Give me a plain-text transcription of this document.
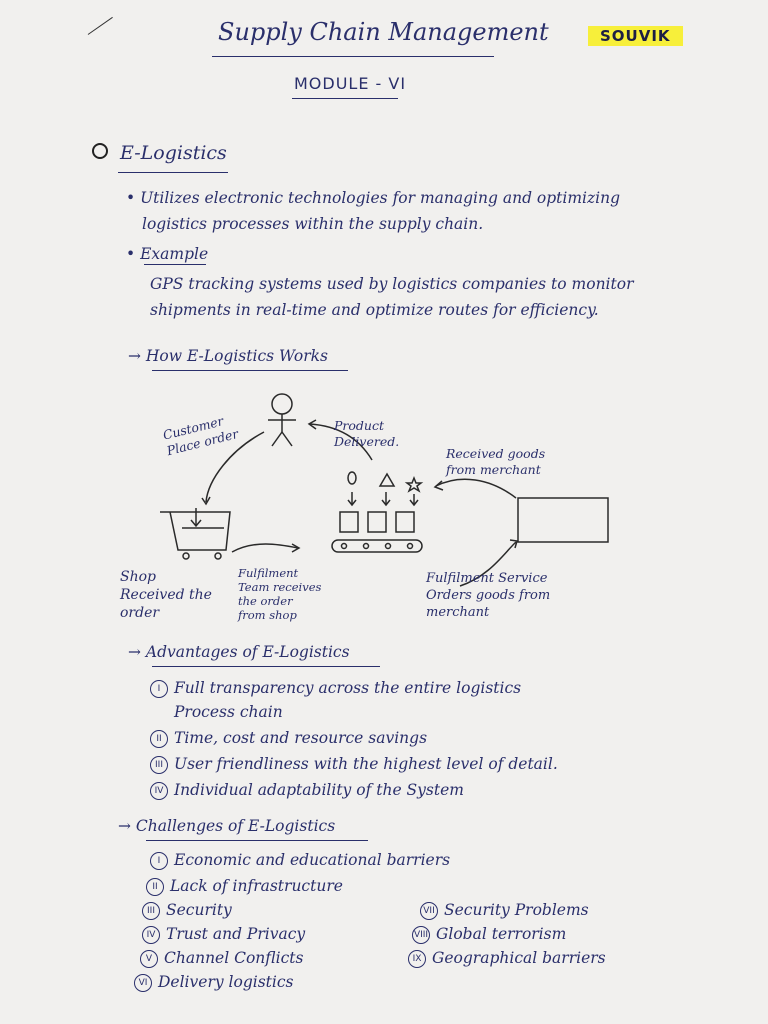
Supply Chain Management	SOUVIK
MODULE - VI
E-Logistics
• Utilizes electronic technologies for managing and optimizing
logistics processes within the supply chain.
• Example
GPS tracking systems used by logistics companies to monitor
shipments in real-time and optimize routes for efficiency.
→ How E-Logistics Works
Customer Place order
Product Delivered.
Received goods from merchant
Shop Received the order
Fulfilment Team receives the order from shop
Fulfilment Service Orders goods from merchant
→ Advantages of E-Logistics
I Full transparency across the entire logistics
Process chain
II Time, cost and resource savings
III User friendliness with the highest level of detail.
IV Individual adaptability of the System
→ Challenges of E-Logistics
I Economic and educational barriers
II Lack of infrastructure
III Security
IV Trust and Privacy
V Channel Conflicts
VI Delivery logistics
VII Security Problems
VIII Global terrorism
IX Geographical barriers
